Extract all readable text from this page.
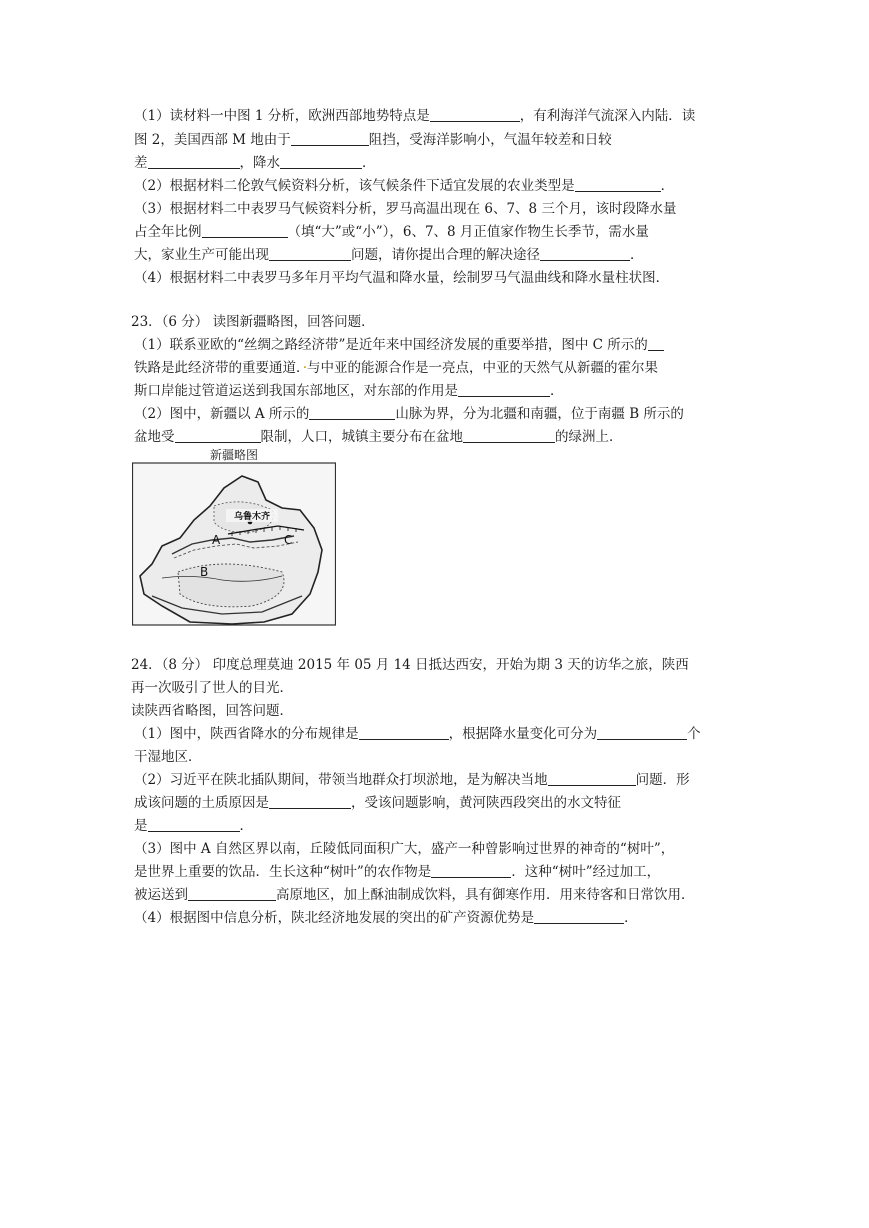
（1）读材料一中图 1 分析，欧洲西部地势特点是	，有利海洋气流深入内陆．读
图 2，美国西部 M 地由于	阻挡，受海洋影响小，气温年较差和日较
差	，降水	．
（2）根据材料二伦敦气候资料分析，该气候条件下适宜发展的农业类型是	．
（3）根据材料二中表罗马气候资料分析，罗马高温出现在 6、7、8 三个月，该时段降水量
占全年比例	（填“大”或“小”），6、7、8 月正值家作物生长季节，需水量
大，家业生产可能出现	问题，请你提出合理的解决途径	．
（4）根据材料二中表罗马多年月平均气温和降水量，绘制罗马气温曲线和降水量柱状图．
23．（6 分） 读图新疆略图，回答问题．
（1）联系亚欧的“丝绸之路经济带”是近年来中国经济发展的重要举措，图中 C 所示的
铁路是此经济带的重要通道．·与中亚的能源合作是一亮点，中亚的天然气从新疆的霍尔果
斯口岸能过管道运送到我国东部地区，对东部的作用是	．
（2）图中，新疆以 A 所示的	山脉为界，分为北疆和南疆，位于南疆 B 所示的
盆地受	限制，人口，城镇主要分布在盆地	的绿洲上．
新疆略图
乌鲁木齐
A
B
C
24．（8 分） 印度总理莫迪 2015 年 05 月 14 日抵达西安，开始为期 3 天的访华之旅，陕西
再一次吸引了世人的目光．
读陕西省略图，回答问题．
（1）图中，陕西省降水的分布规律是	，根据降水量变化可分为	个
干湿地区．
（2）习近平在陕北插队期间，带领当地群众打坝淤地，是为解决当地	问题．形
成该问题的土质原因是	，受该问题影响，黄河陕西段突出的水文特征
是	．
（3）图中 A 自然区界以南，丘陵低同面积广大，盛产一种曾影响过世界的神奇的“树叶”，
是世界上重要的饮品．生长这种“树叶”的农作物是	．这种“树叶”经过加工，
被运送到	高原地区，加上酥油制成饮料，具有御寒作用．用来待客和日常饮用．
（4）根据图中信息分析，陕北经济地发展的突出的矿产资源优势是	．
